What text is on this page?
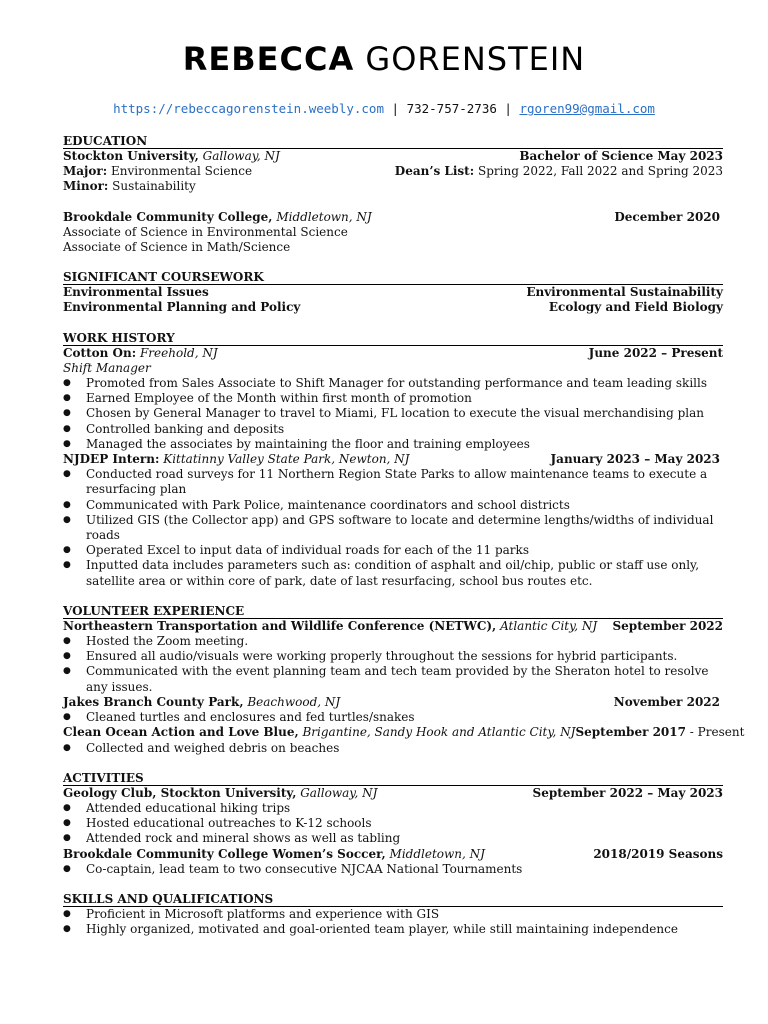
REBECCA GORENSTEIN
https://rebeccagorenstein.weebly.com | 732-757-2736 | rgoren99@gmail.com
EDUCATION
Stockton University, Galloway, NJ	Bachelor of Science May 2023
Major: Environmental Science	Dean’s List: Spring 2022, Fall 2022 and Spring 2023
Minor: Sustainability
Brookdale Community College, Middletown, NJ	December 2020
Associate of Science in Environmental Science
Associate of Science in Math/Science
SIGNIFICANT COURSEWORK
Environmental Issues	Environmental Sustainability
Environmental Planning and Policy	Ecology and Field Biology
WORK HISTORY
Cotton On: Freehold, NJ	June 2022 – Present
Shift Manager
● Promoted from Sales Associate to Shift Manager for outstanding performance and team leading skills
● Earned Employee of the Month within first month of promotion
● Chosen by General Manager to travel to Miami, FL location to execute the visual merchandising plan
● Controlled banking and deposits
● Managed the associates by maintaining the floor and training employees
NJDEP Intern: Kittatinny Valley State Park, Newton, NJ	January 2023 – May 2023
● Conducted road surveys for 11 Northern Region State Parks to allow maintenance teams to execute a resurfacing plan
● Communicated with Park Police, maintenance coordinators and school districts
● Utilized GIS (the Collector app) and GPS software to locate and determine lengths/widths of individual roads
● Operated Excel to input data of individual roads for each of the 11 parks
● Inputted data includes parameters such as: condition of asphalt and oil/chip, public or staff use only, satellite area or within core of park, date of last resurfacing, school bus routes etc.
VOLUNTEER EXPERIENCE
Northeastern Transportation and Wildlife Conference (NETWC), Atlantic City, NJ September 2022
● Hosted the Zoom meeting.
● Ensured all audio/visuals were working properly throughout the sessions for hybrid participants.
● Communicated with the event planning team and tech team provided by the Sheraton hotel to resolve any issues.
Jakes Branch County Park, Beachwood, NJ	November 2022
● Cleaned turtles and enclosures and fed turtles/snakes
Clean Ocean Action and Love Blue, Brigantine, Sandy Hook and Atlantic City, NJ September 2017 - Present
● Collected and weighed debris on beaches
ACTIVITIES
Geology Club, Stockton University, Galloway, NJ	September 2022 – May 2023
● Attended educational hiking trips
● Hosted educational outreaches to K-12 schools
● Attended rock and mineral shows as well as tabling
Brookdale Community College Women’s Soccer, Middletown, NJ	2018/2019 Seasons
● Co-captain, lead team to two consecutive NJCAA National Tournaments
SKILLS AND QUALIFICATIONS
● Proficient in Microsoft platforms and experience with GIS
● Highly organized, motivated and goal-oriented team player, while still maintaining independence
